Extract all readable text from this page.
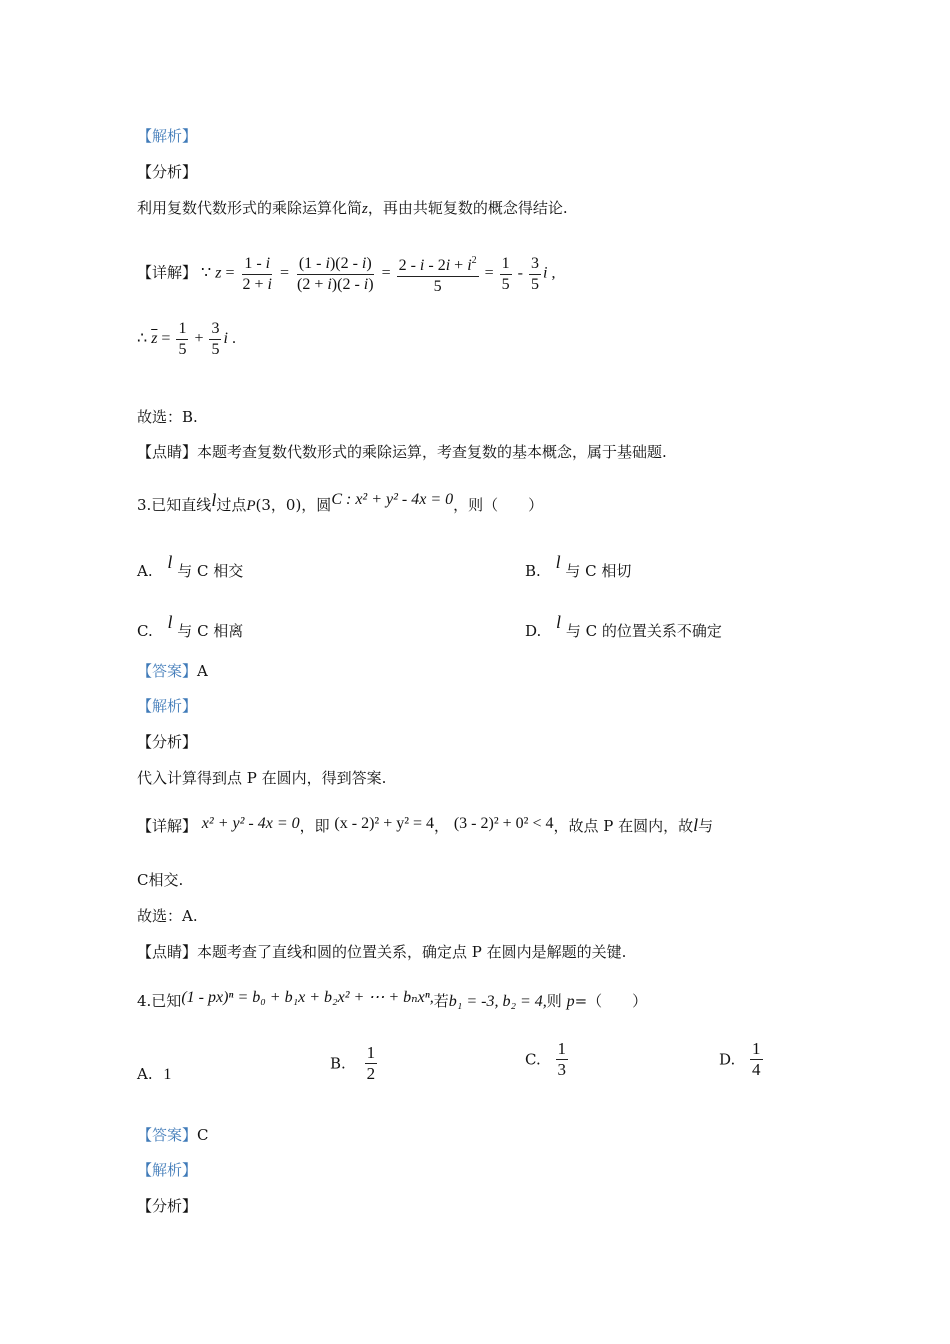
【解析】
【分析】
利用复数代数形式的乘除运算化简z，再由共轭复数的概念得结论.
【详解】 ∵ $z = \frac{1 - i}{2 + i} = \frac{(1 - i)(2 - i)}{(2 + i)(2 - i)} = \frac{2 - i - 2i + i^2}{5} = \frac{1}{5} - \frac{3}{5}$ i ,
∴ $\overline{z} = \frac{1}{5} + \frac{3}{5}$ i .
故选：B.
【点睛】本题考查复数代数形式的乘除运算，考查复数的基本概念，属于基础题.
3.已知直线l过点P(3，0)，圆C : x² + y² - 4x = 0，则（　　）
A. l 与 C 相交	B. l 与 C 相切
C. l 与 C 相离	D. l 与 C 的位置关系不确定
【答案】A
【解析】
【分析】
代入计算得到点 P 在圆内，得到答案.
【详解】 x² + y² - 4x = 0，即 (x - 2)² + y² = 4， (3 - 2)² + 0² < 4，故点 P 在圆内，故l与
C相交.
故选：A.
【点睛】本题考查了直线和圆的位置关系，确定点 P 在圆内是解题的关键.
4.已知(1 - px)ⁿ = b₀ + b₁x + b₂x² + ⋯ + bₙxⁿ,若b₁ = -3, b₂ = 4,则 p=（　　）
A. 1
B. $\frac{1}{2}$	C. $\frac{1}{3}$	D. $\frac{1}{4}$
【答案】C
【解析】
【分析】
